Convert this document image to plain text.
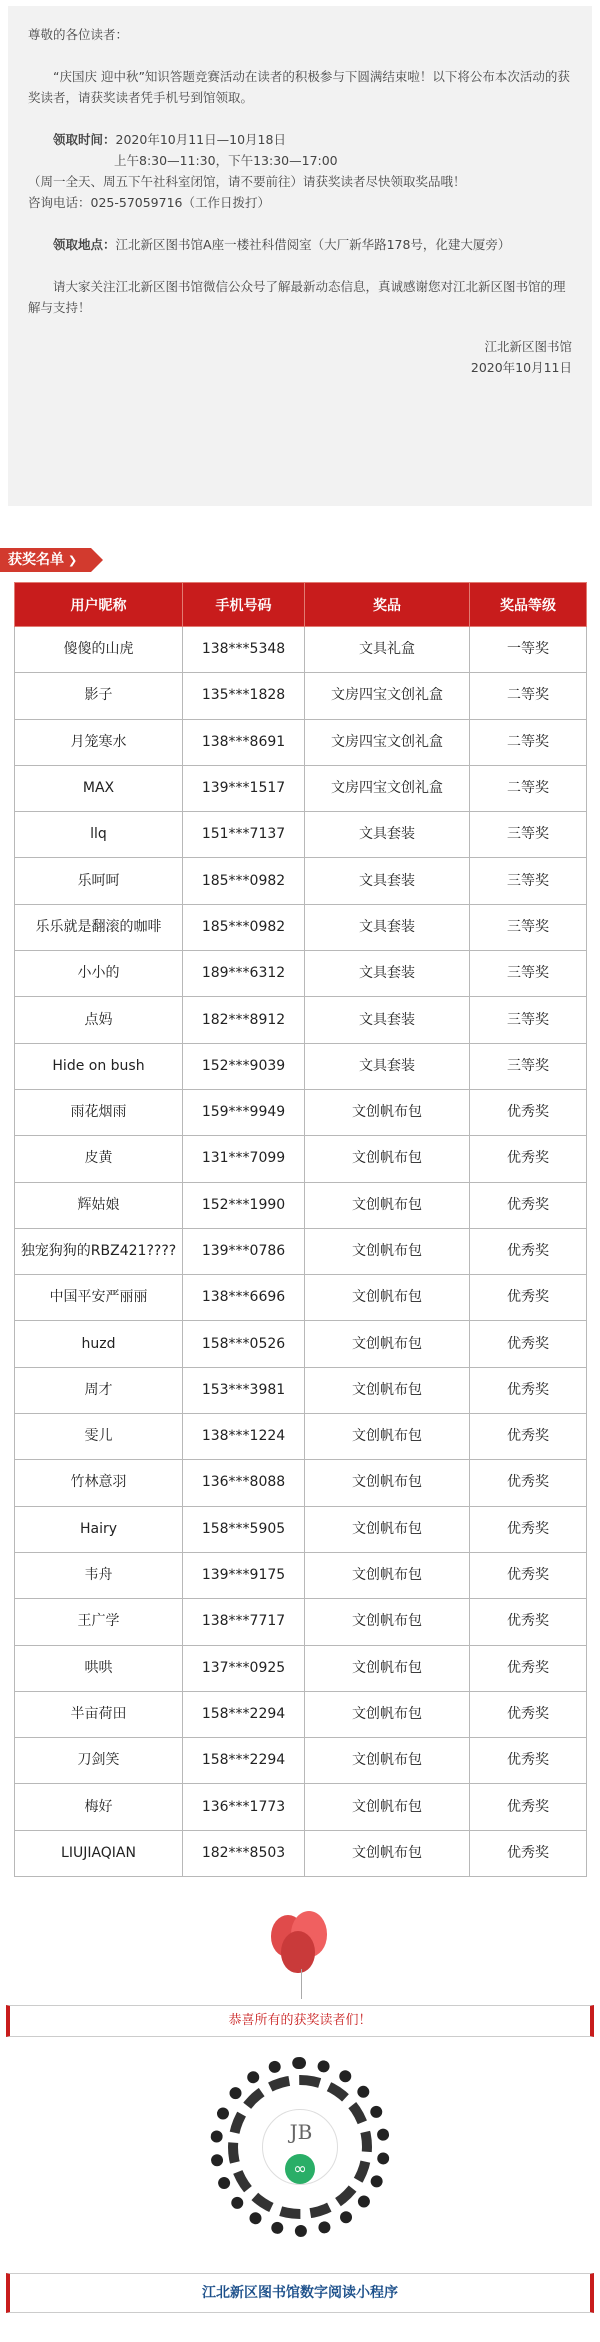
尊敬的各位读者：

“庆国庆 迎中秋”知识答题竞赛活动在读者的积极参与下圆满结束啦！以下将公布本次活动的获奖读者，请获奖读者凭手机号到馆领取。

领取时间：2020年10月11日—10月18日

上午8:30—11:30，下午13:30—17:00

（周一全天、周五下午社科室闭馆，请不要前往）请获奖读者尽快领取奖品哦！

咨询电话：025-57059716（工作日拨打）

领取地点：江北新区图书馆A座一楼社科借阅室（大厂新华路178号，化建大厦旁）

请大家关注江北新区图书馆微信公众号了解最新动态信息，真诚感谢您对江北新区图书馆的理解与支持！

江北新区图书馆

2020年10月11日

获奖名单 ❯
用户昵称	手机号码	奖品	奖品等级
傻傻的山虎	138***5348	文具礼盒	一等奖
影子	135***1828	文房四宝文创礼盒	二等奖
月笼寒水	138***8691	文房四宝文创礼盒	二等奖
MAX	139***1517	文房四宝文创礼盒	二等奖
llq	151***7137	文具套装	三等奖
乐呵呵	185***0982	文具套装	三等奖
乐乐就是翻滚的咖啡	185***0982	文具套装	三等奖
小小的	189***6312	文具套装	三等奖
点妈	182***8912	文具套装	三等奖
Hide on bush	152***9039	文具套装	三等奖
雨花烟雨	159***9949	文创帆布包	优秀奖
皮黄	131***7099	文创帆布包	优秀奖
辉姑娘	152***1990	文创帆布包	优秀奖
独宠狗狗的RBZ421????	139***0786	文创帆布包	优秀奖
中国平安严丽丽	138***6696	文创帆布包	优秀奖
huzd	158***0526	文创帆布包	优秀奖
周才	153***3981	文创帆布包	优秀奖
雯儿	138***1224	文创帆布包	优秀奖
竹林意羽	136***8088	文创帆布包	优秀奖
Hairy	158***5905	文创帆布包	优秀奖
韦舟	139***9175	文创帆布包	优秀奖
王广学	138***7717	文创帆布包	优秀奖
哄哄	137***0925	文创帆布包	优秀奖
半亩荷田	158***2294	文创帆布包	优秀奖
刀剑笑	158***2294	文创帆布包	优秀奖
梅好	136***1773	文创帆布包	优秀奖
LIUJIAQIAN	182***8503	文创帆布包	优秀奖
恭喜所有的获奖读者们！
JB
∞
江北新区图书馆数字阅读小程序
